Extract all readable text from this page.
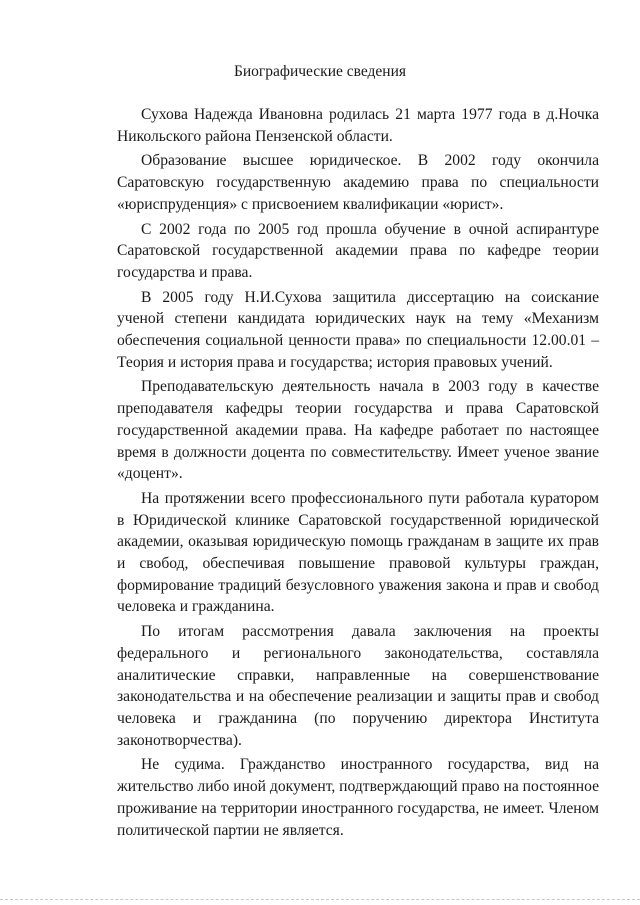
Биографические сведения

Сухова Надежда Ивановна родилась 21 марта 1977 года в д.Ночка Никольского района Пензенской области.

Образование высшее юридическое. В 2002 году окончила Саратовскую государственную академию права по специальности «юриспруденция» с присвоением квалификации «юрист».

С 2002 года по 2005 год прошла обучение в очной аспирантуре Саратовской государственной академии права по кафедре теории государства и права.

В 2005 году Н.И.Сухова защитила диссертацию на соискание ученой степени кандидата юридических наук на тему «Механизм обеспечения социальной ценности права» по специальности 12.00.01 – Теория и история права и государства; история правовых учений.

Преподавательскую деятельность начала в 2003 году в качестве преподавателя кафедры теории государства и права Саратовской государственной академии права. На кафедре работает по настоящее время в должности доцента по совместительству. Имеет ученое звание «доцент».

На протяжении всего профессионального пути работала куратором в Юридической клинике Саратовской государственной юридической академии, оказывая юридическую помощь гражданам в защите их прав и свобод, обеспечивая повышение правовой культуры граждан, формирование традиций безусловного уважения закона и прав и свобод человека и гражданина.

По итогам рассмотрения давала заключения на проекты федерального и регионального законодательства, составляла аналитические справки, направленные на совершенствование законодательства и на обеспечение реализации и защиты прав и свобод человека и гражданина (по поручению директора Института законотворчества).

Не судима. Гражданство иностранного государства, вид на жительство либо иной документ, подтверждающий право на постоянное проживание на территории иностранного государства, не имеет. Членом политической партии не является.
